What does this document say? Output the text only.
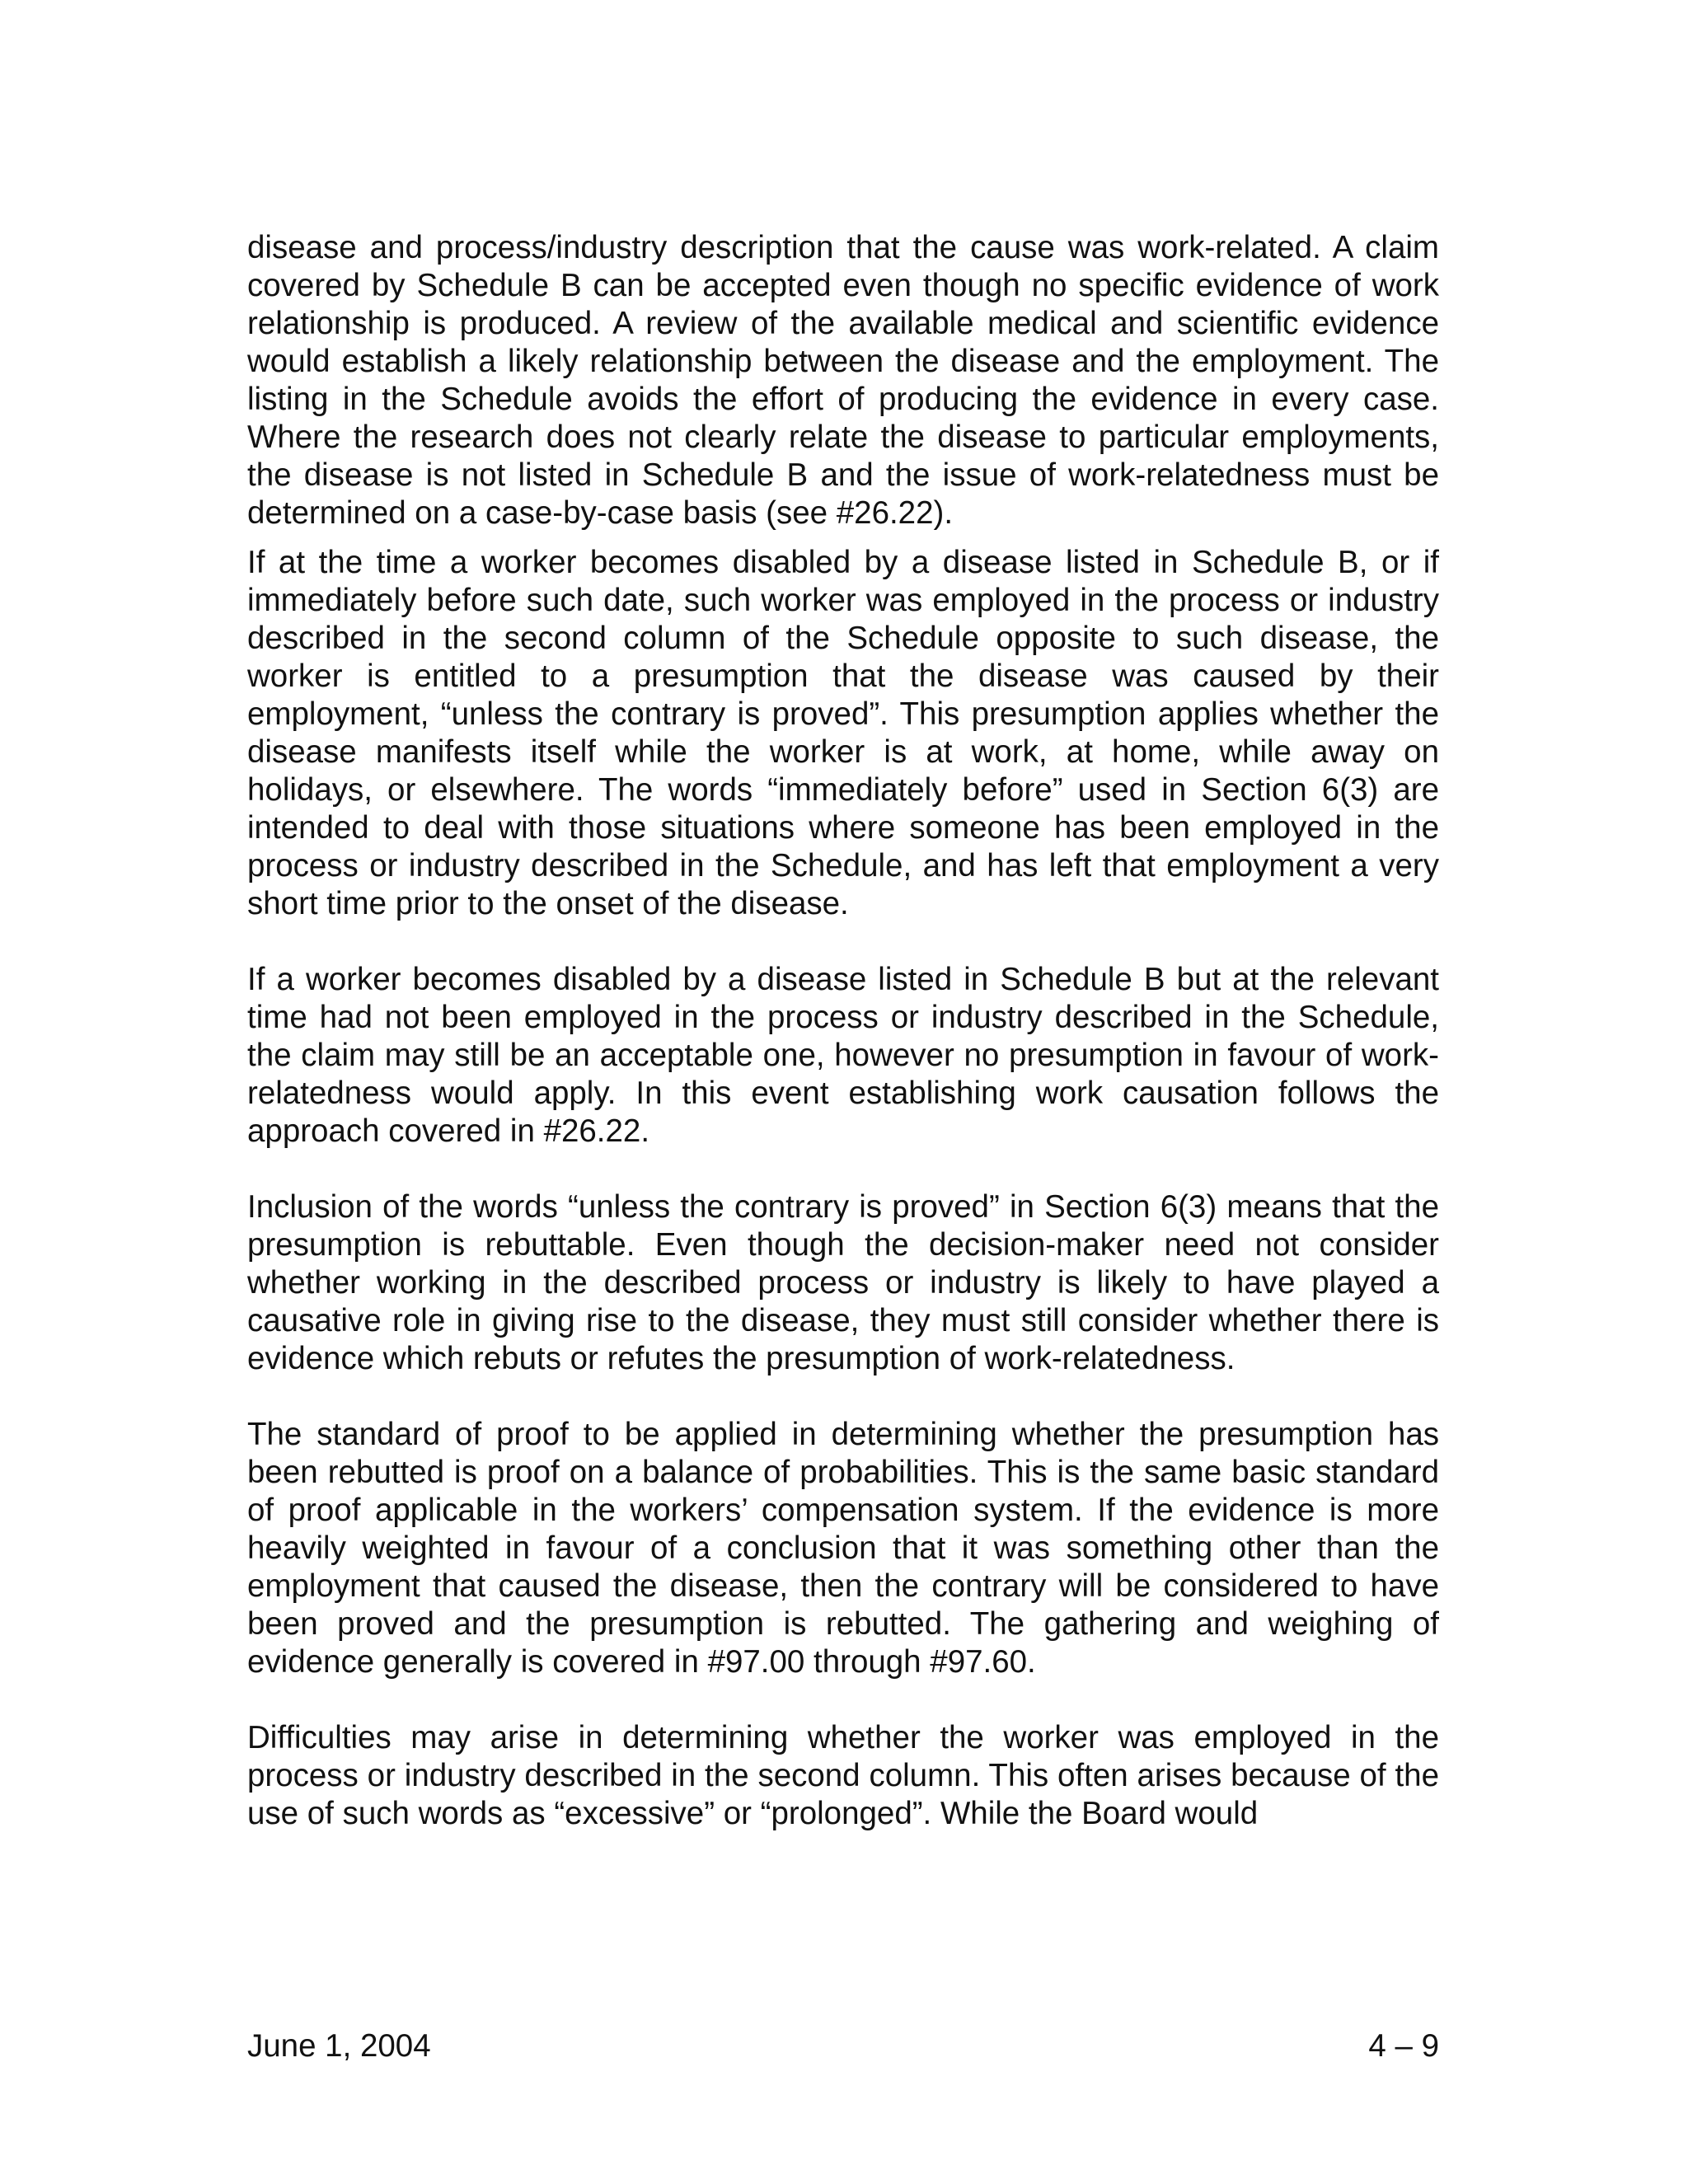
disease and process/industry description that the cause was work-related. A claim covered by Schedule B can be accepted even though no specific evidence of work relationship is produced. A review of the available medical and scientific evidence would establish a likely relationship between the disease and the employment. The listing in the Schedule avoids the effort of producing the evidence in every case. Where the research does not clearly relate the disease to particular employments, the disease is not listed in Schedule B and the issue of work-relatedness must be determined on a case-by-case basis (see #26.22).

If at the time a worker becomes disabled by a disease listed in Schedule B, or if immediately before such date, such worker was employed in the process or industry described in the second column of the Schedule opposite to such disease, the worker is entitled to a presumption that the disease was caused by their employment, “unless the contrary is proved”. This presumption applies whether the disease manifests itself while the worker is at work, at home, while away on holidays, or elsewhere. The words “immediately before” used in Section 6(3) are intended to deal with those situations where someone has been employed in the process or industry described in the Schedule, and has left that employment a very short time prior to the onset of the disease.

If a worker becomes disabled by a disease listed in Schedule B but at the relevant time had not been employed in the process or industry described in the Schedule, the claim may still be an acceptable one, however no presumption in favour of work-relatedness would apply. In this event establishing work causation follows the approach covered in #26.22.

Inclusion of the words “unless the contrary is proved” in Section 6(3) means that the presumption is rebuttable. Even though the decision-maker need not consider whether working in the described process or industry is likely to have played a causative role in giving rise to the disease, they must still consider whether there is evidence which rebuts or refutes the presumption of work-relatedness.

The standard of proof to be applied in determining whether the presumption has been rebutted is proof on a balance of probabilities. This is the same basic standard of proof applicable in the workers’ compensation system. If the evidence is more heavily weighted in favour of a conclusion that it was something other than the employment that caused the disease, then the contrary will be considered to have been proved and the presumption is rebutted. The gathering and weighing of evidence generally is covered in #97.00 through #97.60.

Difficulties may arise in determining whether the worker was employed in the process or industry described in the second column. This often arises because of the use of such words as “excessive” or “prolonged”. While the Board would

June 1, 2004	4 – 9
